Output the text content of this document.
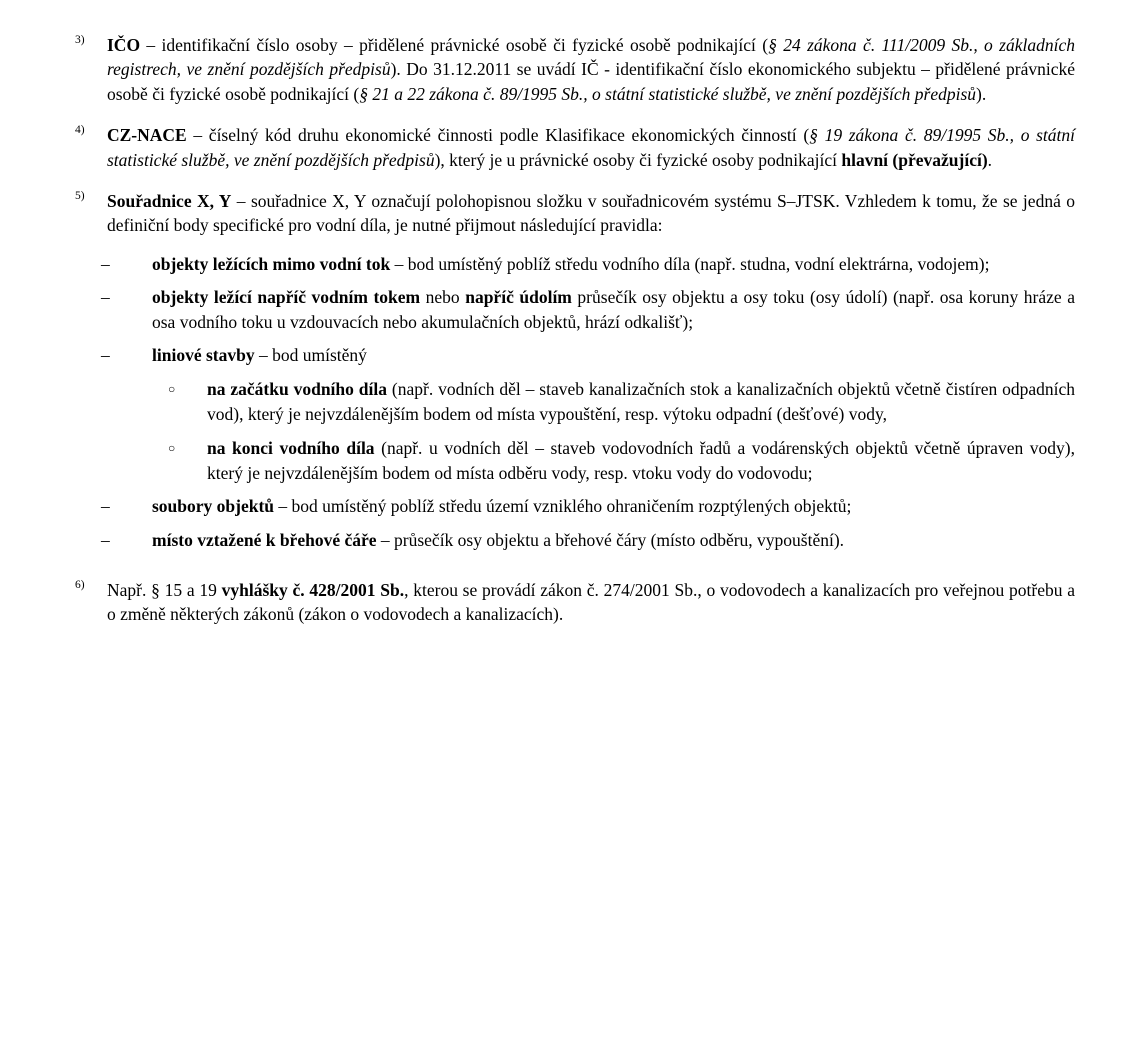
3)	IČO – identifikační číslo osoby – přidělené právnické osobě či fyzické osobě podnikající (§ 24 zákona č. 111/2009 Sb., o základních registrech, ve znění pozdějších předpisů). Do 31.12.2011 se uvádí IČ - identifikační číslo ekonomického subjektu – přidělené právnické osobě či fyzické osobě podnikající (§ 21 a 22 zákona č. 89/1995 Sb., o státní statistické službě, ve znění pozdějších předpisů).
4)	CZ-NACE – číselný kód druhu ekonomické činnosti podle Klasifikace ekonomických činností (§ 19 zákona č. 89/1995 Sb., o státní statistické službě, ve znění pozdějších předpisů), který je u právnické osoby či fyzické osoby podnikající hlavní (převažující).
5)	Souřadnice X, Y – souřadnice X, Y označují polohopisnou složku v souřadnicovém systému S–JTSK. Vzhledem k tomu, že se jedná o definiční body specifické pro vodní díla, je nutné přijmout následující pravidla:
–	objekty ležících mimo vodní tok – bod umístěný poblíž středu vodního díla (např. studna, vodní elektrárna, vodojem);
–	objekty ležící napříč vodním tokem nebo napříč údolím průsečík osy objektu a osy toku (osy údolí) (např. osa koruny hráze a osa vodního toku u vzdouvacích nebo akumulačních objektů, hrází odkališť);
–	liniové stavby – bod umístěný
○	na začátku vodního díla (např. vodních děl – staveb kanalizačních stok a kanalizačních objektů včetně čistíren odpadních vod), který je nejvzdálenějším bodem od místa vypouštění, resp. výtoku odpadní (dešťové) vody,
○	na konci vodního díla (např. u vodních děl – staveb vodovodních řadů a vodárenských objektů včetně úpraven vody), který je nejvzdálenějším bodem od místa odběru vody, resp. vtoku vody do vodovodu;
–	soubory objektů – bod umístěný poblíž středu území vzniklého ohraničením rozptýlených objektů;
–	místo vztažené k břehové čáře – průsečík osy objektu a břehové čáry (místo odběru, vypouštění).
6)	Např. § 15 a 19 vyhlášky č. 428/2001 Sb., kterou se provádí zákon č. 274/2001 Sb., o vodovodech a kanalizacích pro veřejnou potřebu a o změně některých zákonů (zákon o vodovodech a kanalizacích).
